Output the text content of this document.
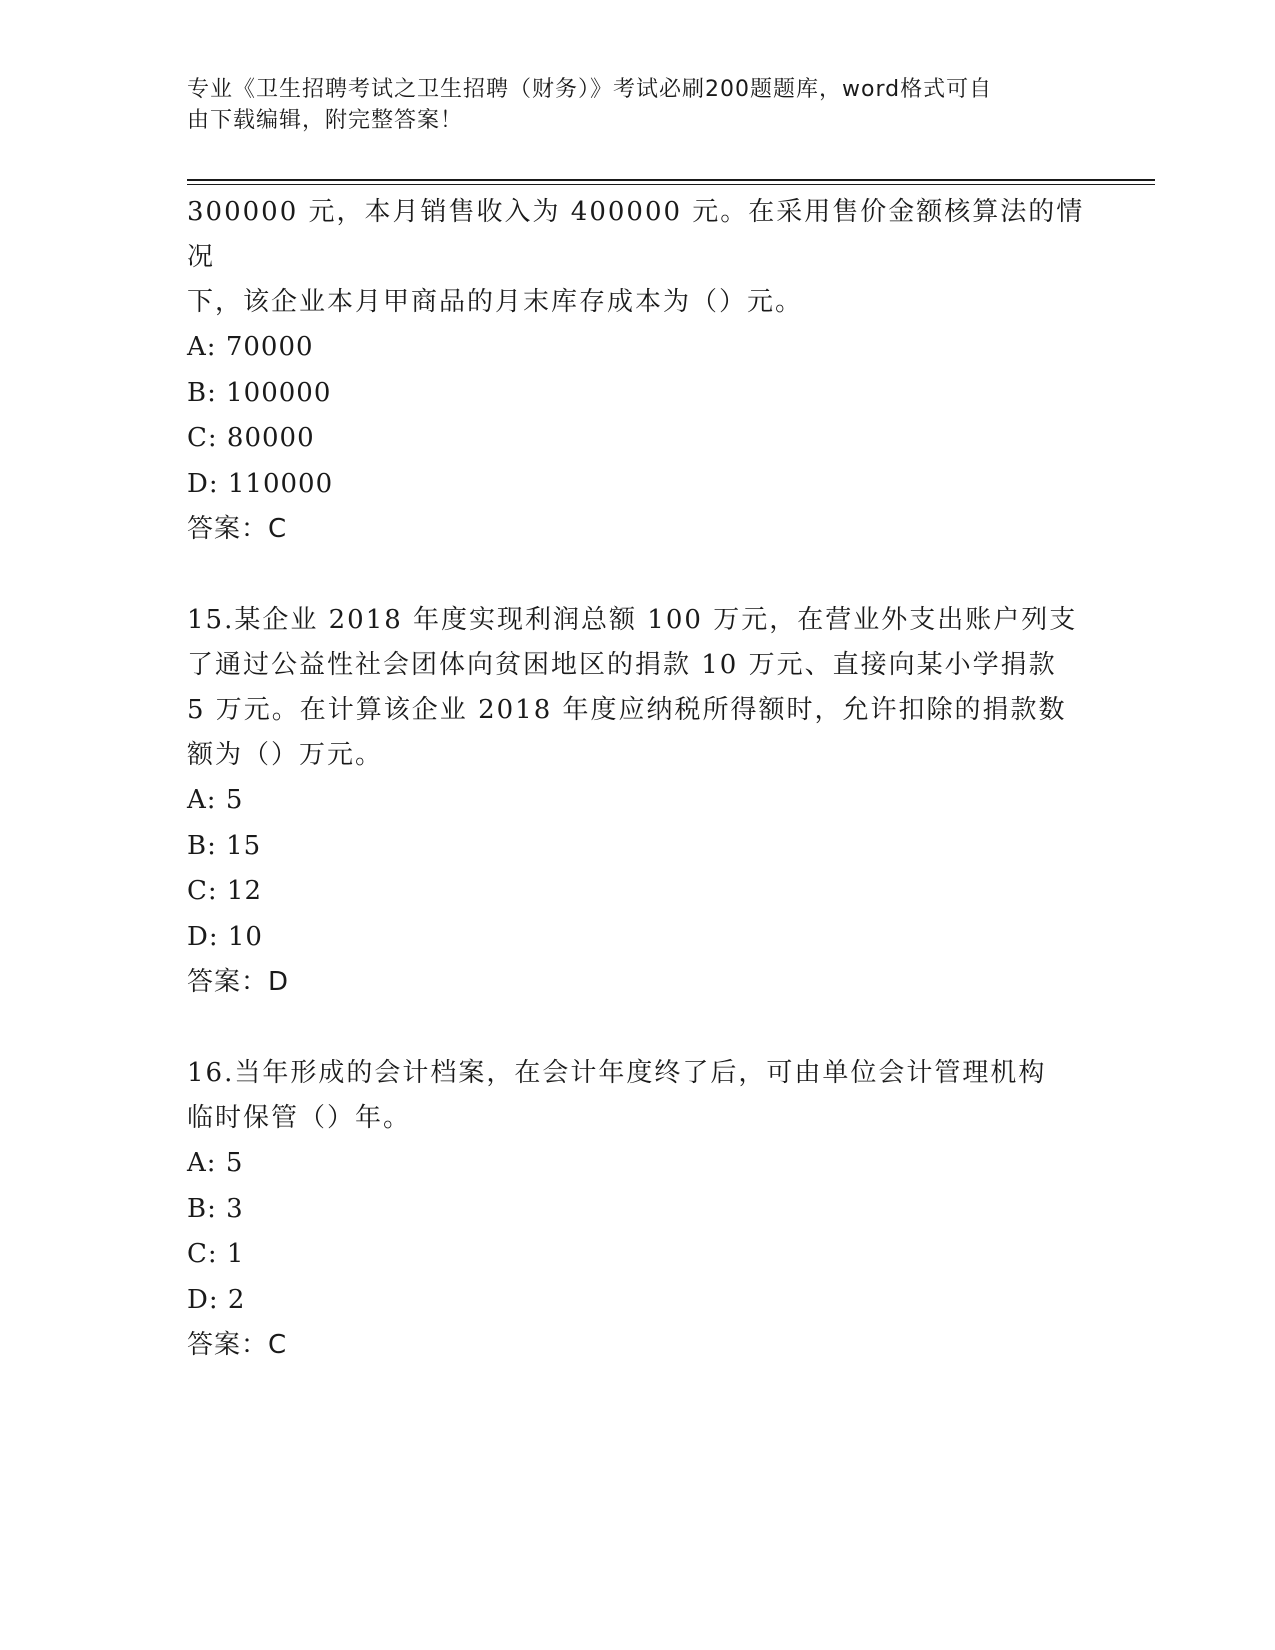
专业《卫生招聘考试之卫生招聘（财务）》考试必刷200题题库，word格式可自
由下载编辑，附完整答案！

300000 元，本月销售收入为 400000 元。在采用售价金额核算法的情况

下，该企业本月甲商品的月末库存成本为（）元。

A: 70000

B: 100000

C: 80000

D: 110000

答案：C

15.某企业 2018 年度实现利润总额 100 万元，在营业外支出账户列支

了通过公益性社会团体向贫困地区的捐款 10 万元、直接向某小学捐款

5 万元。在计算该企业 2018 年度应纳税所得额时，允许扣除的捐款数

额为（）万元。

A: 5

B: 15

C: 12

D: 10

答案：D

16.当年形成的会计档案，在会计年度终了后，可由单位会计管理机构

临时保管（）年。

A: 5

B: 3

C: 1

D: 2

答案：C
